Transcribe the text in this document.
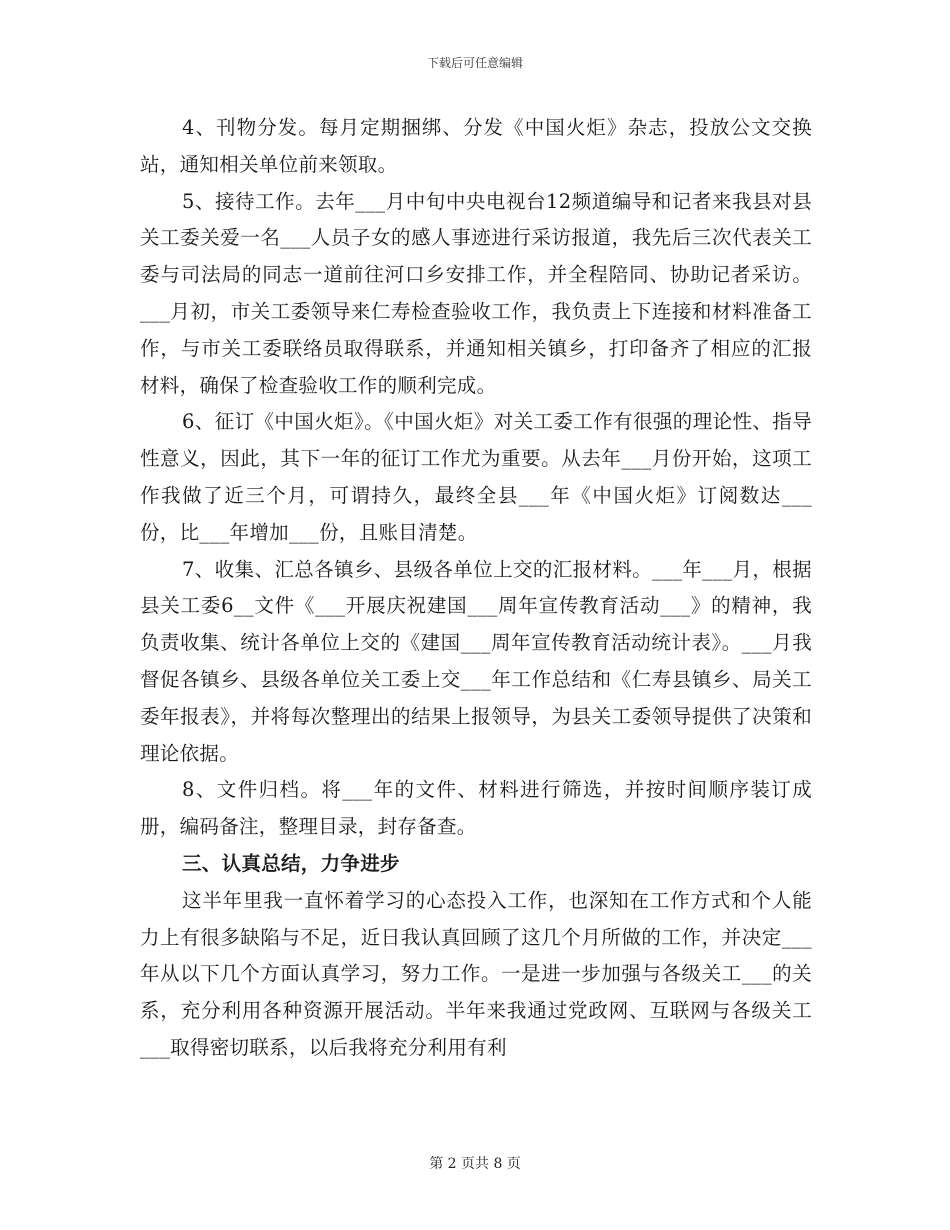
下载后可任意编辑

4、刊物分发。每月定期捆绑、分发《中国火炬》杂志，投放公文交换站，通知相关单位前来领取。

5、接待工作。去年___月中旬中央电视台12频道编导和记者来我县对县关工委关爱一名___人员子女的感人事迹进行采访报道，我先后三次代表关工委与司法局的同志一道前往河口乡安排工作，并全程陪同、协助记者采访。___月初，市关工委领导来仁寿检查验收工作，我负责上下连接和材料准备工作，与市关工委联络员取得联系，并通知相关镇乡，打印备齐了相应的汇报材料，确保了检查验收工作的顺利完成。

6、征订《中国火炬》。《中国火炬》对关工委工作有很强的理论性、指导性意义，因此，其下一年的征订工作尤为重要。从去年___月份开始，这项工作我做了近三个月，可谓持久，最终全县___年《中国火炬》订阅数达___份，比___年增加___份，且账目清楚。

7、收集、汇总各镇乡、县级各单位上交的汇报材料。___年___月，根据县关工委6__文件《___开展庆祝建国___周年宣传教育活动___》的精神，我负责收集、统计各单位上交的《建国___周年宣传教育活动统计表》。___月我督促各镇乡、县级各单位关工委上交___年工作总结和《仁寿县镇乡、局关工委年报表》，并将每次整理出的结果上报领导，为县关工委领导提供了决策和理论依据。

8、文件归档。将___年的文件、材料进行筛选，并按时间顺序装订成册，编码备注，整理目录，封存备查。

三、认真总结，力争进步

这半年里我一直怀着学习的心态投入工作，也深知在工作方式和个人能力上有很多缺陷与不足，近日我认真回顾了这几个月所做的工作，并决定___年从以下几个方面认真学习，努力工作。一是进一步加强与各级关工___的关系，充分利用各种资源开展活动。半年来我通过党政网、互联网与各级关工___取得密切联系，以后我将充分利用有利

第 2 页共 8 页
